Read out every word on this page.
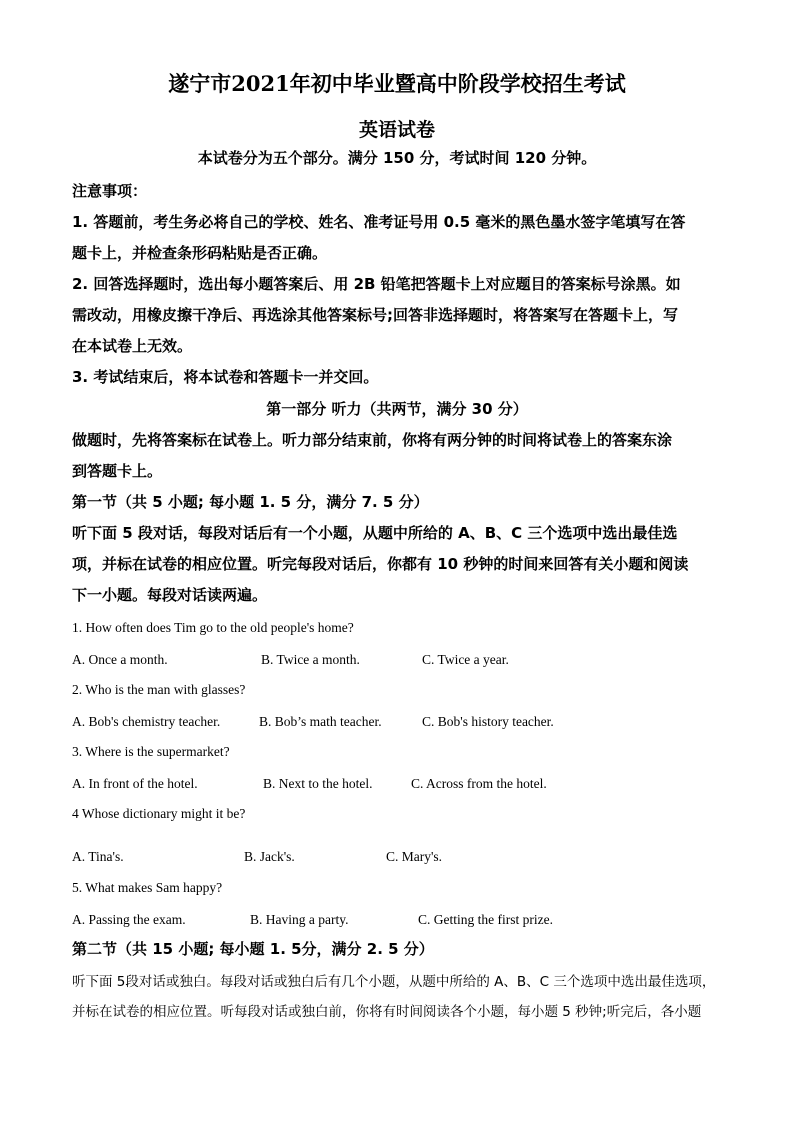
遂宁市2021年初中毕业暨高中阶段学校招生考试
英语试卷
本试卷分为五个部分。满分 150 分，考试时间 120 分钟。
注意事项：
1. 答题前，考生务必将自己的学校、姓名、准考证号用 0.5 毫米的黑色墨水签字笔填写在答
题卡上，并检查条形码粘贴是否正确。
2. 回答选择题时，选出每小题答案后、用 2B 铅笔把答题卡上对应题目的答案标号涂黑。如
需改动，用橡皮擦干净后、再选涂其他答案标号;回答非选择题时，将答案写在答题卡上，写
在本试卷上无效。
3. 考试结束后，将本试卷和答题卡一并交回。
第一部分 听力（共两节，满分 30 分）
做题时，先将答案标在试卷上。听力部分结束前，你将有两分钟的时间将试卷上的答案东涂
到答题卡上。
第一节（共 5 小题; 每小题 1. 5 分，满分 7. 5 分）
听下面 5 段对话，每段对话后有一个小题，从题中所给的 A、B、C 三个选项中选出最佳选
项，并标在试卷的相应位置。听完每段对话后，你都有 10 秒钟的时间来回答有关小题和阅读
下一小题。每段对话读两遍。
1. How often does Tim go to the old people's home?
A. Once a month.	B. Twice a month.	C. Twice a year.
2. Who is the man with glasses?
A. Bob's chemistry teacher.	B. Bob’s math teacher.	C. Bob's history teacher.
3. Where is the supermarket?
A. In front of the hotel.	B. Next to the hotel.	C. Across from the hotel.
4 Whose dictionary might it be?
A. Tina's.	B. Jack's.	C. Mary's.
5. What makes Sam happy?
A. Passing the exam.	B. Having a party.	C. Getting the first prize.
第二节（共 15 小题; 每小题 1. 5分，满分 2. 5 分）
听下面 5段对话或独白。每段对话或独白后有几个小题，从题中所给的 A、B、C 三个选项中选出最佳选项，
并标在试卷的相应位置。听每段对话或独白前，你将有时间阅读各个小题，每小题 5 秒钟;听完后，各小题
